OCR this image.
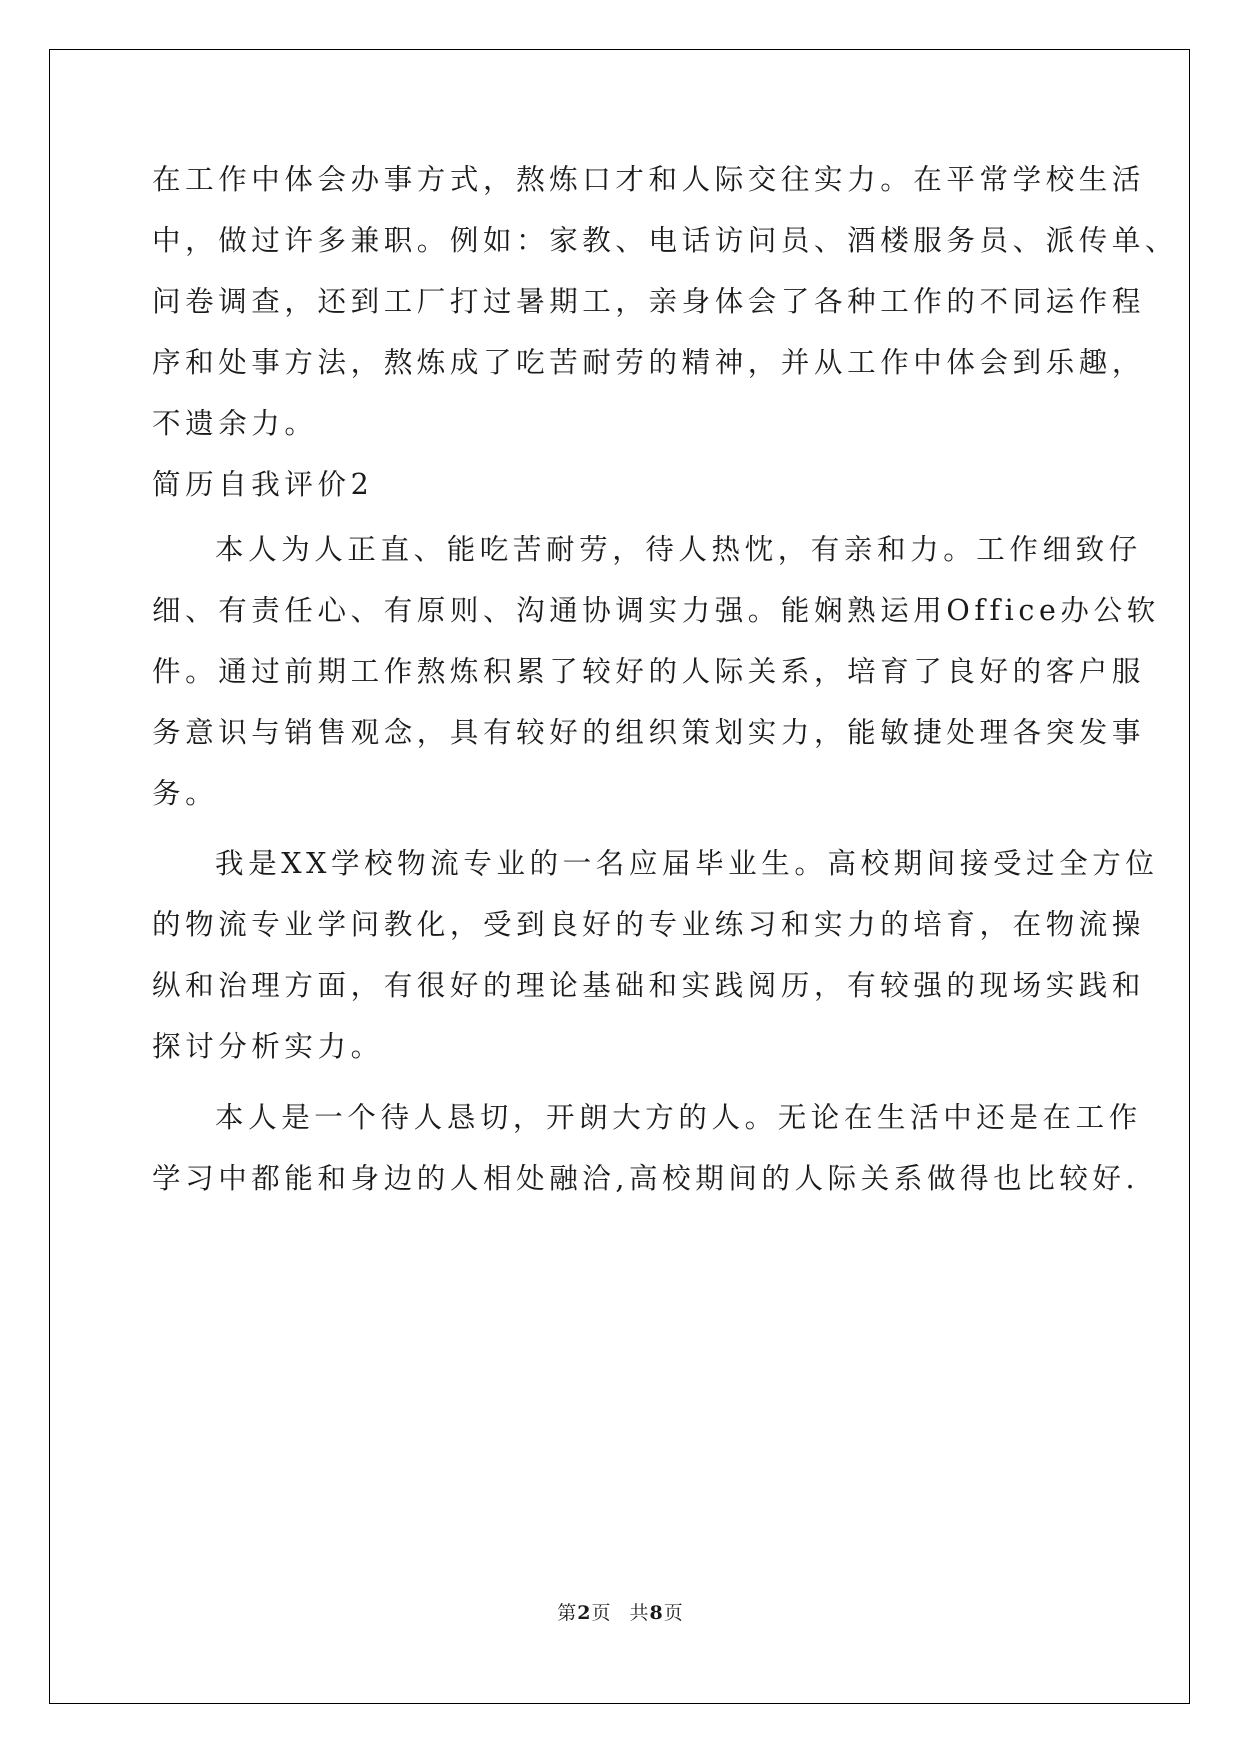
在工作中体会办事方式，熬炼口才和人际交往实力。在平常学校生活
中，做过许多兼职。例如：家教、电话访问员、酒楼服务员、派传单、
问卷调查，还到工厂打过暑期工，亲身体会了各种工作的不同运作程
序和处事方法，熬炼成了吃苦耐劳的精神，并从工作中体会到乐趣，
不遗余力。
简历自我评价2
本人为人正直、能吃苦耐劳，待人热忱，有亲和力。工作细致仔
细、有责任心、有原则、沟通协调实力强。能娴熟运用Office办公软
件。通过前期工作熬炼积累了较好的人际关系，培育了良好的客户服
务意识与销售观念，具有较好的组织策划实力，能敏捷处理各突发事
务。
我是XX学校物流专业的一名应届毕业生。高校期间接受过全方位
的物流专业学问教化，受到良好的专业练习和实力的培育，在物流操
纵和治理方面，有很好的理论基础和实践阅历，有较强的现场实践和
探讨分析实力。
本人是一个待人恳切，开朗大方的人。无论在生活中还是在工作
学习中都能和身边的人相处融洽,高校期间的人际关系做得也比较好.
第2页 共8页
